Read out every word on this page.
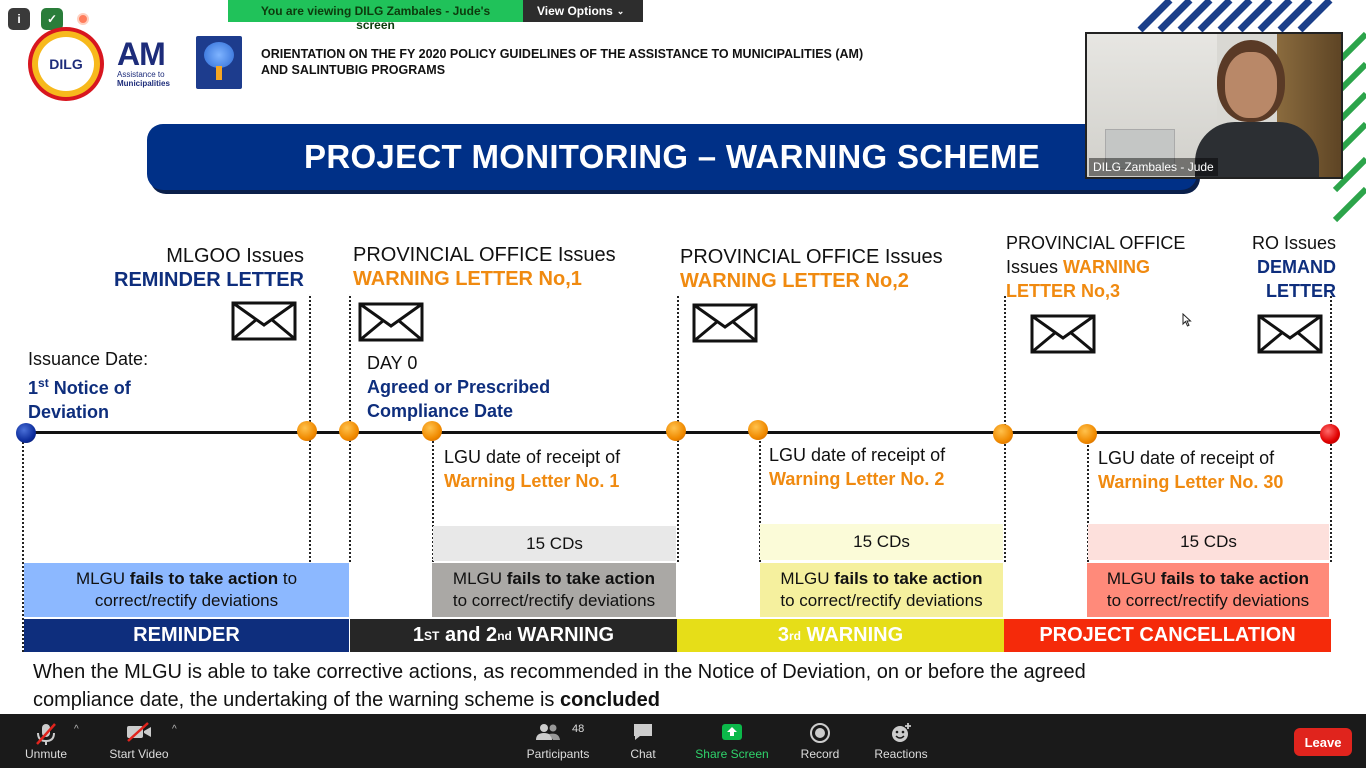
i	✓
You are viewing DILG Zambales - Jude's screen
View Options ⌄
DILG	AM
Assistance to
Municipalities
ORIENTATION ON THE FY 2020 POLICY GUIDELINES OF THE ASSISTANCE TO MUNICIPALITIES (AM)
AND SALINTUBIG PROGRAMS
PROJECT MONITORING – WARNING SCHEME
MLGOO Issues
REMINDER LETTER
PROVINCIAL OFFICE Issues
WARNING LETTER No,1
PROVINCIAL OFFICE Issues
WARNING LETTER No,2
PROVINCIAL OFFICE
Issues WARNING
LETTER No,3
RO Issues
DEMAND
LETTER
Issuance Date:
1st Notice of
Deviation
DAY 0
Agreed or Prescribed
Compliance Date
LGU date of receipt of
Warning Letter No. 1
LGU date of receipt of
Warning Letter No. 2
LGU date of receipt of
Warning Letter No. 30
15 CDs	15 CDs	15 CDs
MLGU fails to take action to
correct/rectify deviations
MLGU fails to take action
to correct/rectify deviations
MLGU fails to take action
to correct/rectify deviations
MLGU fails to take action
to correct/rectify deviations
REMINDER	1 ST and 2 nd WARNING	3 rd WARNING	PROJECT CANCELLATION
When the MLGU is able to take corrective actions, as recommended in the Notice of Deviation, on or before the agreed
compliance date, the undertaking of the warning scheme is concluded
DILG Zambales - Jude
Unmute
^
Start Video
^	48
Participants	Chat	Share Screen	Record	Reactions
Leave
